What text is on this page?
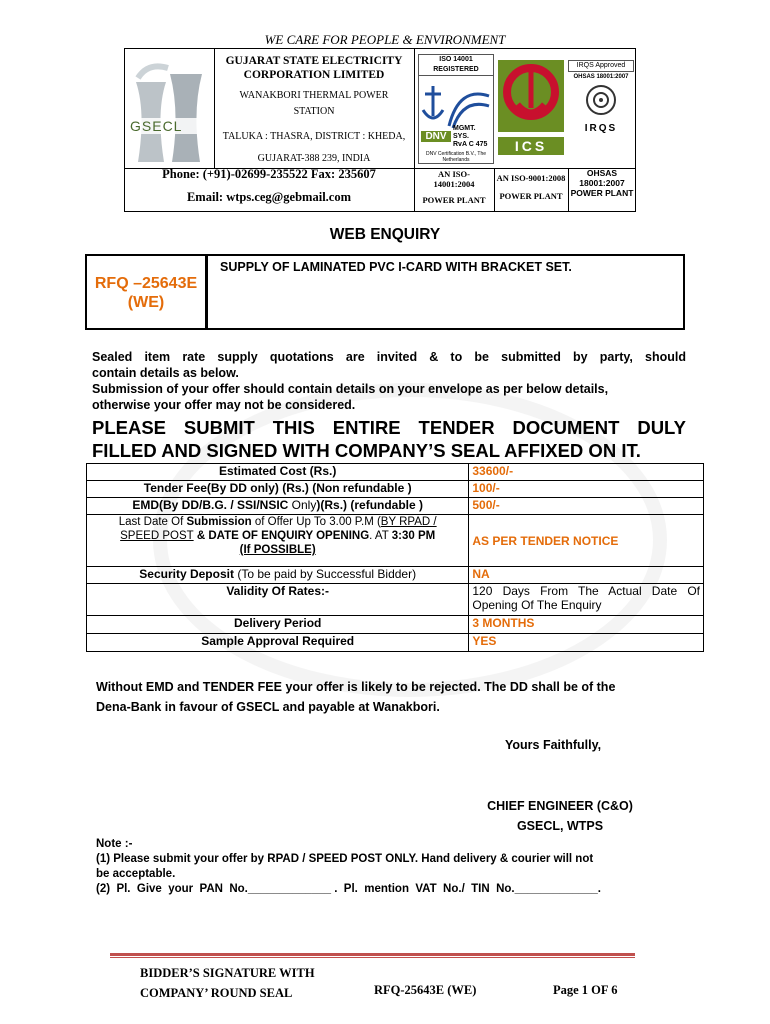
WE CARE FOR PEOPLE & ENVIRONMENT
GSECL
GUJARAT STATE ELECTRICITY
CORPORATION LIMITED
WANAKBORI THERMAL POWER
STATION
TALUKA : THASRA, DISTRICT : KHEDA,
GUJARAT-388 239, INDIA
ISO 14001 REGISTERED
DNV
MGMT. SYS.
RvA C 475
DNV Certification B.V., The Netherlands
ICS
IRQS Approved
OHSAS 18001:2007
IRQS
Phone: (+91)-02699-235522 Fax: 235607
Email: wtps.ceg@gebmail.com
AN ISO-
14001:2004
POWER PLANT
AN ISO-9001:2008
POWER PLANT
OHSAS
18001:2007
POWER PLANT
WEB ENQUIRY
RFQ –25643E
(WE)
SUPPLY OF LAMINATED PVC I-CARD WITH BRACKET SET.
Sealed item rate supply quotations are invited & to be submitted by party, should
contain details as below.
Submission of your offer should contain details on your envelope as per below details,
otherwise your offer may not be considered.
PLEASE SUBMIT THIS ENTIRE TENDER DOCUMENT DULY
FILLED AND SIGNED WITH COMPANY’S SEAL AFFIXED ON IT.
Estimated Cost (Rs.)	33600/-
Tender Fee(By DD only) (Rs.) (Non refundable )	100/-
EMD(By DD/B.G. / SSI/NSIC Only)(Rs.) (refundable )	500/-
Last Date Of Submission of Offer Up To 3.00 P.M (BY RPAD /
SPEED POST & DATE OF ENQUIRY OPENING. AT 3:30 PM
(If POSSIBLE)	AS PER TENDER NOTICE
Security Deposit (To be paid by Successful Bidder)	NA
Validity Of Rates:-	120 Days From The Actual Date Of
Opening Of The Enquiry

Delivery Period	3 MONTHS
Sample Approval Required	YES
Without EMD and TENDER FEE your offer is likely to be rejected. The DD shall be of the
Dena-Bank in favour of GSECL and payable at Wanakbori.
Yours Faithfully,
CHIEF ENGINEER (C&O)
GSECL, WTPS
Note :-
(1) Please submit your offer by RPAD / SPEED POST ONLY. Hand delivery & courier will not
be acceptable.
(2)  Pl.  Give  your  PAN  No._____________ .  Pl.  mention  VAT  No./  TIN  No._____________.
BIDDER’S SIGNATURE WITH
COMPANY’ ROUND SEAL	RFQ-25643E (WE)	Page 1 OF 6
